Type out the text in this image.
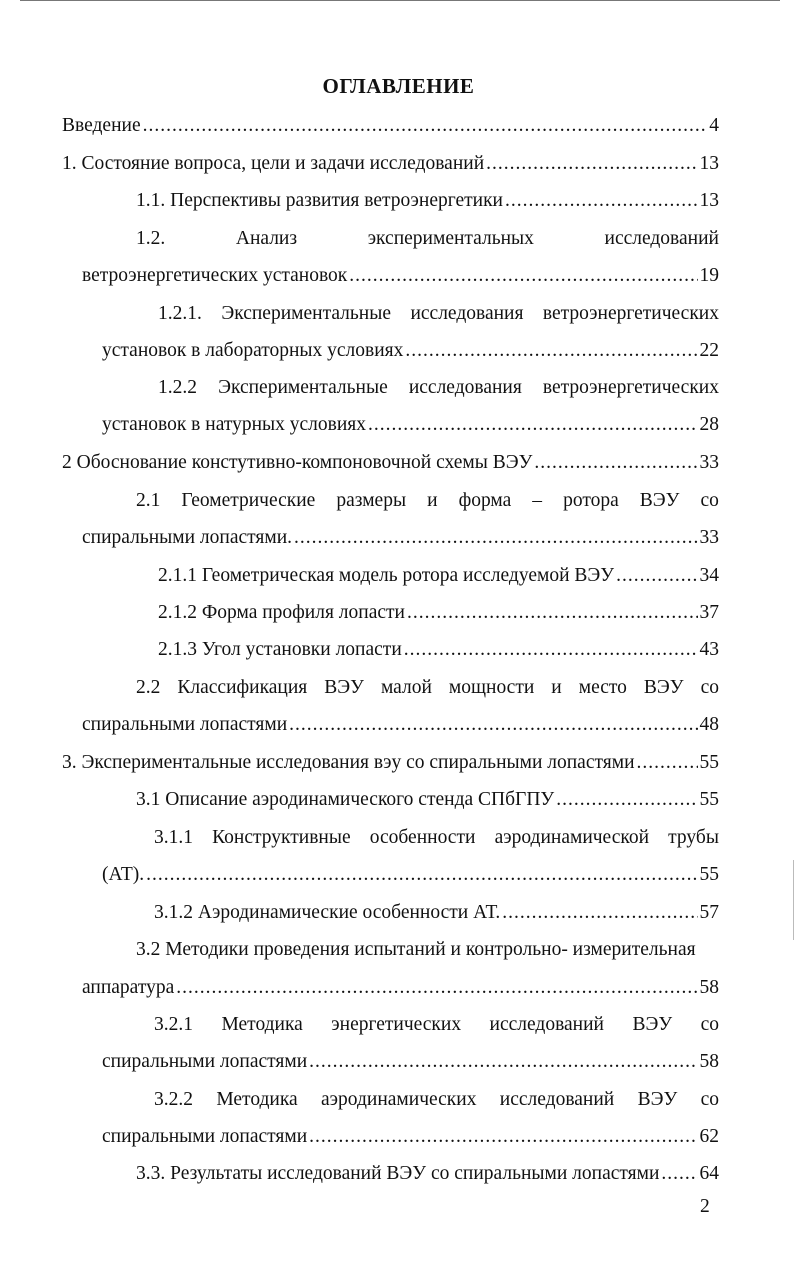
ОГЛАВЛЕНИЕ
Введение .....	4
1. Состояние вопроса, цели и задачи исследований .....	13
1.1. Перспективы развития ветроэнергетики .....	13
1.2.	Анализ	экспериментальных	исследований
ветроэнергетических установок .....	19
1.2.1. Экспериментальные исследования ветроэнергетических
установок в лабораторных условиях .....	22
1.2.2 Экспериментальные исследования ветроэнергетических
установок в натурных условиях .....	28
2 Обоснование констутивно-компоновочной схемы ВЭУ .....	33
2.1 Геометрические размеры и форма – ротора ВЭУ со
спиральными лопастями. .....	33
2.1.1 Геометрическая модель ротора исследуемой ВЭУ .....	34
2.1.2 Форма профиля лопасти .....	37
2.1.3 Угол установки лопасти .....	43
2.2 Классификация ВЭУ малой мощности и место ВЭУ со
спиральными лопастями .....	48
3. Экспериментальные исследования вэу со спиральными лопастями .....	55
3.1 Описание аэродинамического стенда СПбГПУ .....	55
3.1.1 Конструктивные особенности аэродинамической трубы
(АТ). .....	55
3.1.2 Аэродинамические особенности АТ. .....	57
3.2 Методики проведения испытаний и контрольно- измерительная
аппаратура .....	58
3.2.1 Методика энергетических исследований ВЭУ со
спиральными лопастями .....	58
3.2.2 Методика аэродинамических исследований ВЭУ со
спиральными лопастями .....	62
3.3. Результаты исследований ВЭУ со спиральными лопастями ..... 64
2
